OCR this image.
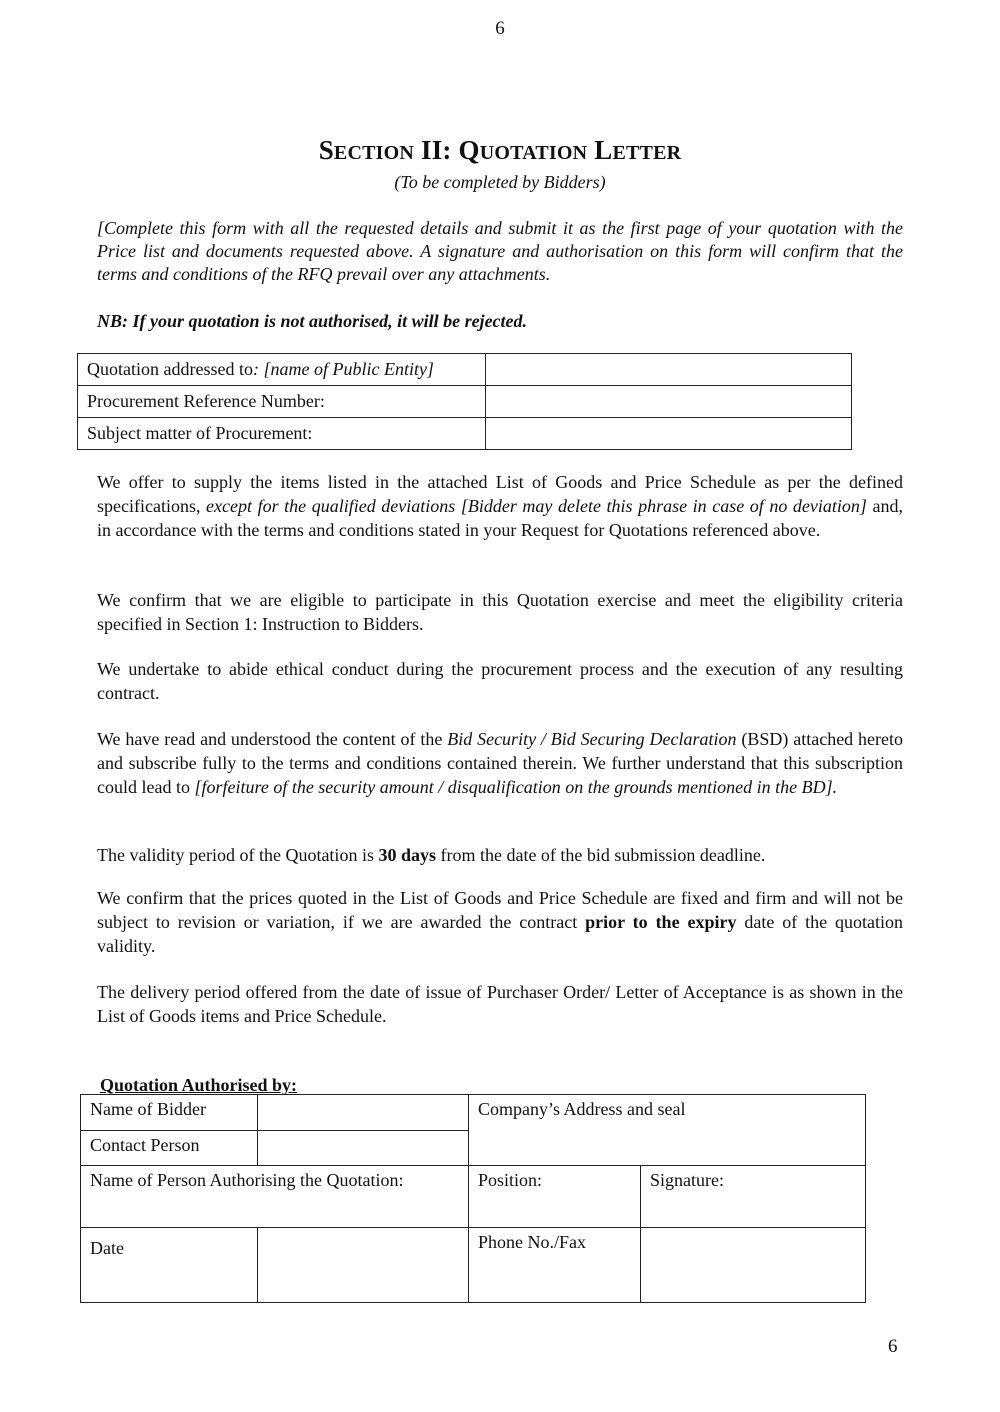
6
SECTION II: QUOTATION LETTER
(To be completed by Bidders)
[Complete this form with all the requested details and submit it as the first page of your quotation with the Price list and documents requested above. A signature and authorisation on this form will confirm that the terms and conditions of the RFQ prevail over any attachments.
NB: If your quotation is not authorised, it will be rejected.
Quotation addressed to: [name of Public Entity]	
Procurement Reference Number:	
Subject matter of Procurement:	
We offer to supply the items listed in the attached List of Goods and Price Schedule as per the defined specifications, except for the qualified deviations [Bidder may delete this phrase in case of no deviation] and, in accordance with the terms and conditions stated in your Request for Quotations referenced above.
We confirm that we are eligible to participate in this Quotation exercise and meet the eligibility criteria specified in Section 1: Instruction to Bidders.
We undertake to abide ethical conduct during the procurement process and the execution of any resulting contract.
We have read and understood the content of the Bid Security / Bid Securing Declaration (BSD) attached hereto and subscribe fully to the terms and conditions contained therein. We further understand that this subscription could lead to [forfeiture of the security amount / disqualification on the grounds mentioned in the BD].
The validity period of the Quotation is 30 days from the date of the bid submission deadline.
We confirm that the prices quoted in the List of Goods and Price Schedule are fixed and firm and will not be subject to revision or variation, if we are awarded the contract prior to the expiry date of the quotation validity.
The delivery period offered from the date of issue of Purchaser Order/ Letter of Acceptance is as shown in the List of Goods items and Price Schedule.
Quotation Authorised by:
Name of Bidder		Company’s Address and seal	
Contact Person			
Name of Person Authorising the Quotation:		Position:	Signature:

Date		Phone No./Fax	
6
